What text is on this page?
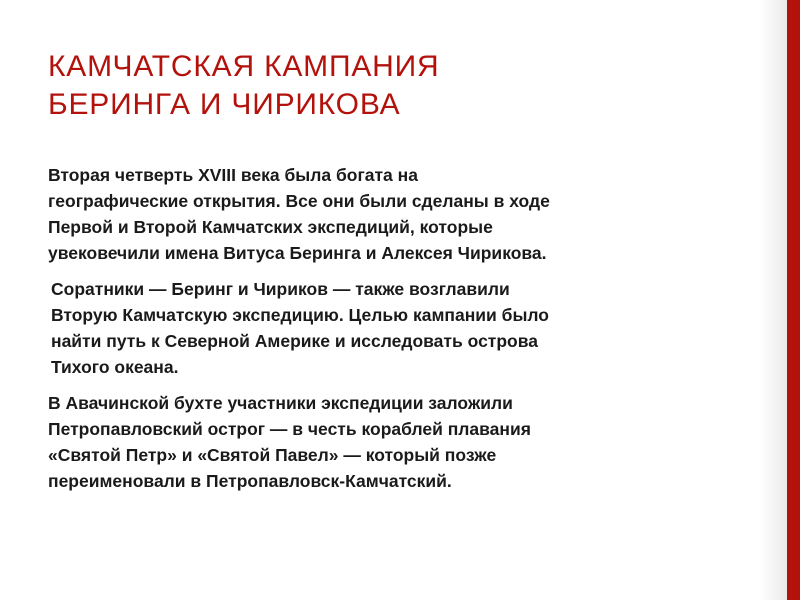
КАМЧАТСКАЯ КАМПАНИЯ
БЕРИНГА И ЧИРИКОВА

Вторая четверть XVIII века была богата на
географические открытия. Все они были сделаны в ходе
Первой и Второй Камчатских экспедиций, которые
увековечили имена Витуса Беринга и Алексея Чирикова.

Соратники — Беринг и Чириков — также возглавили
Вторую Камчатскую экспедицию. Целью кампании было
найти путь к Северной Америке и исследовать острова
Тихого океана.

В Авачинской бухте участники экспедиции заложили
Петропавловский острог — в честь кораблей плавания
«Святой Петр» и «Святой Павел» — который позже
переименовали в Петропавловск-Камчатский.
